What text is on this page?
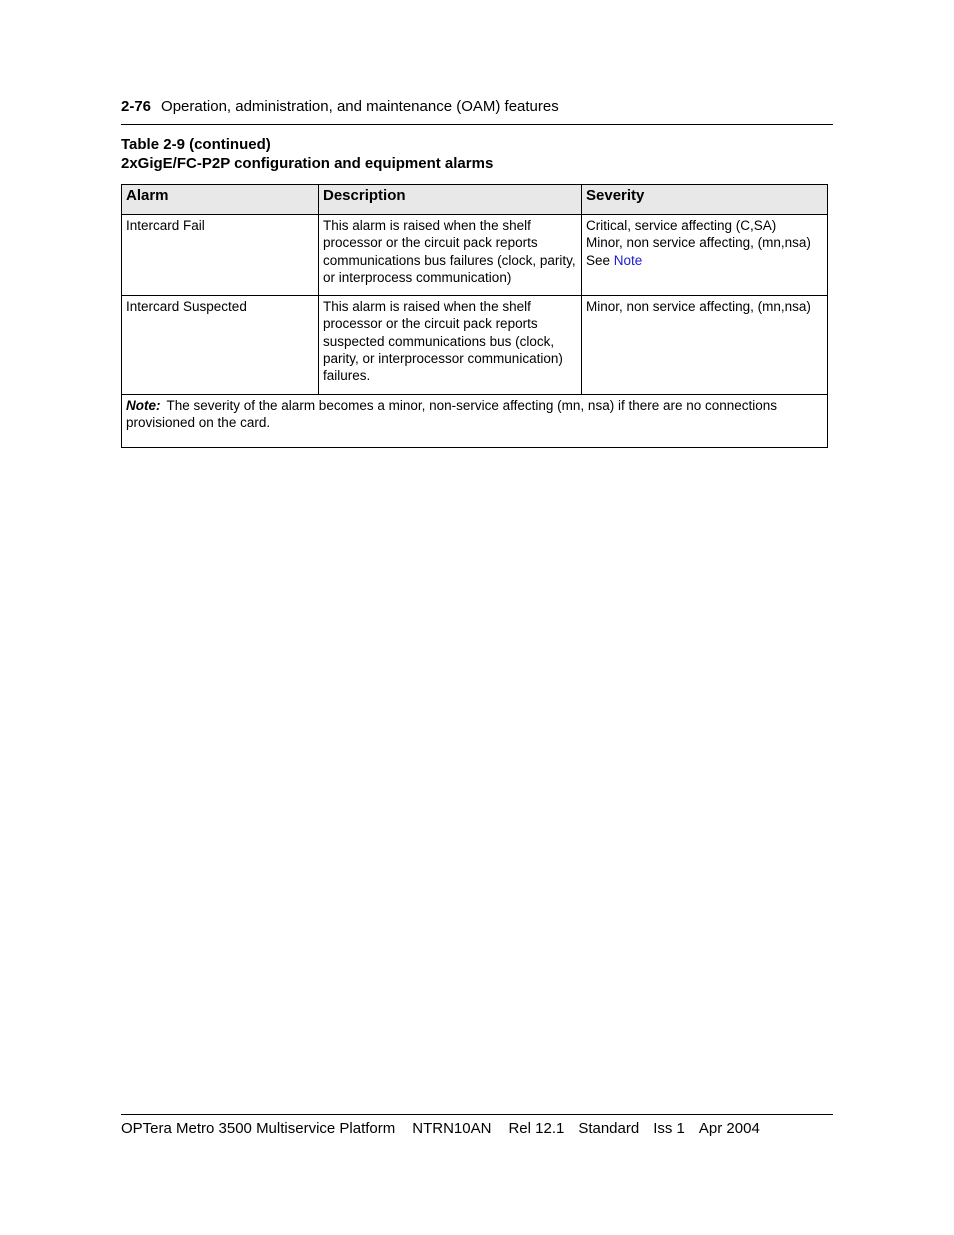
2-76 Operation, administration, and maintenance (OAM) features
Table 2-9 (continued)
2xGigE/FC-P2P configuration and equipment alarms
Alarm	Description	Severity
Intercard Fail	This alarm is raised when the shelf processor or the circuit pack reports communications bus failures (clock, parity, or interprocess communication)	Critical, service affecting (C,SA)
Minor, non service affecting, (mn,nsa)
See Note

Intercard Suspected	This alarm is raised when the shelf processor or the circuit pack reports suspected communications bus (clock, parity, or interprocessor communication) failures.	Minor, non service affecting, (mn,nsa)
Note: The severity of the alarm becomes a minor, non-service affecting (mn, nsa) if there are no connections provisioned on the card.		
OPTera Metro 3500 Multiservice Platform NTRN10AN Rel 12.1 Standard Iss 1 Apr 2004
